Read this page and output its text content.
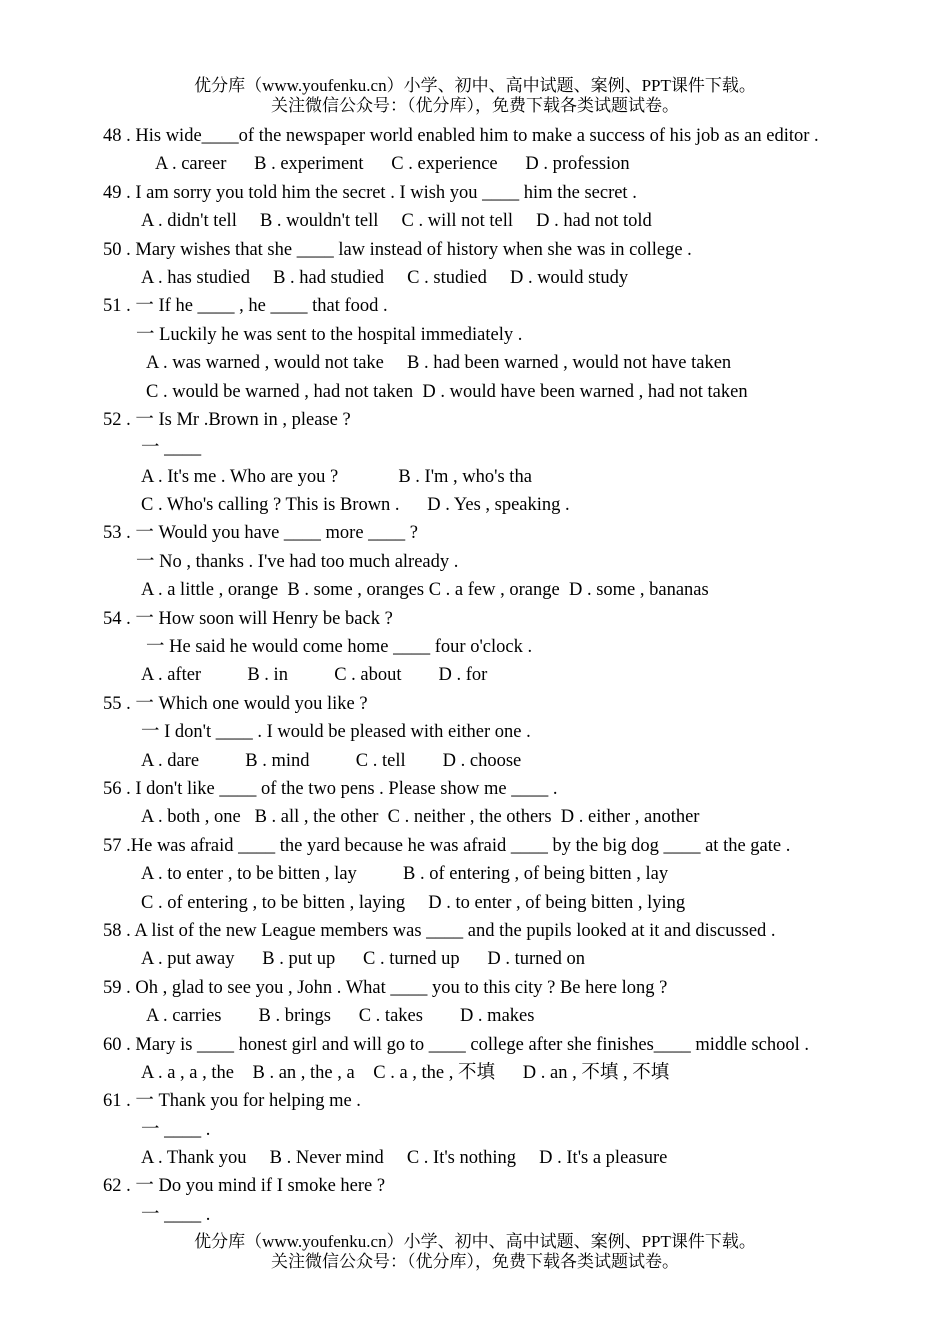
优分库（www.youfenku.cn）小学、初中、高中试题、案例、PPT课件下载。
关注微信公众号：（优分库），免费下载各类试题试卷。
48 . His wide____of the newspaper world enabled him to make a success of his job as an editor .
A . career      B . experiment      C . experience      D . profession
49 . I am sorry you told him the secret . I wish you ____ him the secret .
A . didn't tell     B . wouldn't tell     C . will not tell     D . had not told
50 . Mary wishes that she ____ law instead of history when she was in college .
A . has studied     B . had studied     C . studied     D . would study
51 . 一 If he ____ , he ____ that food .
一 Luckily he was sent to the hospital immediately .
A . was warned , would not take     B . had been warned , would not have taken
C . would be warned , had not taken  D . would have been warned , had not taken
52 . 一 Is Mr .Brown in , please ?
一 ____
A . It's me . Who are you ?             B . I'm , who's tha
C . Who's calling ? This is Brown .      D . Yes , speaking .
53 . 一 Would you have ____ more ____ ?
一 No , thanks . I've had too much already .
A . a little , orange  B . some , oranges C . a few , orange  D . some , bananas
54 . 一 How soon will Henry be back ?
一 He said he would come home ____ four o'clock .
A . after          B . in          C . about        D . for
55 . 一 Which one would you like ?
一 I don't ____ . I would be pleased with either one .
A . dare          B . mind          C . tell        D . choose
56 . I don't like ____ of the two pens . Please show me ____ .
A . both , one   B . all , the other  C . neither , the others  D . either , another
57 .He was afraid ____ the yard because he was afraid ____ by the big dog ____ at the gate .
A . to enter , to be bitten , lay          B . of entering , of being bitten , lay
C . of entering , to be bitten , laying     D . to enter , of being bitten , lying
58 . A list of the new League members was ____ and the pupils looked at it and discussed .
A . put away      B . put up      C . turned up      D . turned on
59 . Oh , glad to see you , John . What ____ you to this city ? Be here long ?
A . carries        B . brings      C . takes        D . makes
60 . Mary is ____ honest girl and will go to ____ college after she finishes____ middle school .
A . a , a , the    B . an , the , a    C . a , the , 不填      D . an , 不填 , 不填
61 . 一 Thank you for helping me .
一 ____ .
A . Thank you     B . Never mind     C . It's nothing     D . It's a pleasure
62 . 一 Do you mind if I smoke here ?
一 ____ .
优分库（www.youfenku.cn）小学、初中、高中试题、案例、PPT课件下载。
关注微信公众号：（优分库），免费下载各类试题试卷。
